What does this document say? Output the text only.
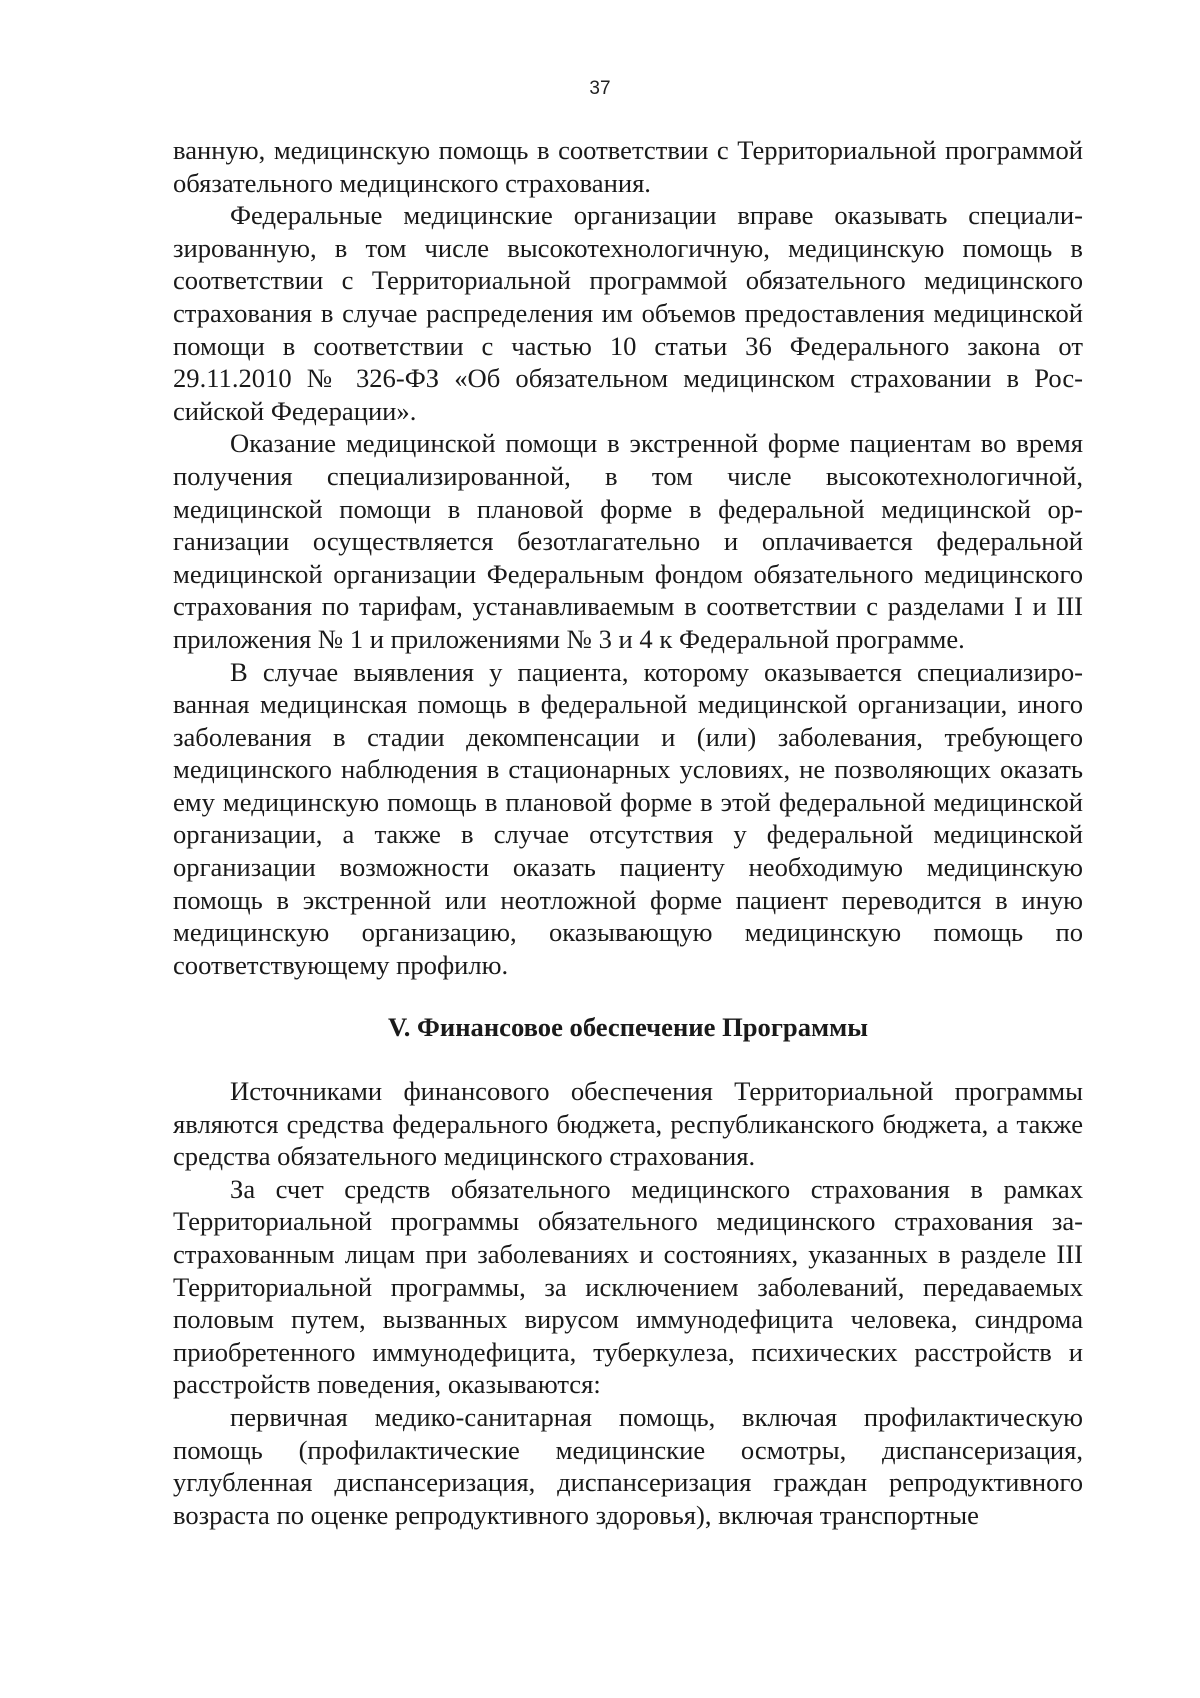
37

ванную, медицинскую помощь в соответствии с Территориальной программой обязательного медицинского страхования.

Федеральные медицинские организации вправе оказывать специализированную, в том числе высокотехнологичную, медицинскую помощь в соответствии с Территориальной программой обязательного медицинского страхования в случае распределения им объемов предоставления медицинской помощи в соответствии с частью 10 статьи 36 Федерального закона от 29.11.2010 № 326-ФЗ «Об обязательном медицинском страховании в Российской Федерации».

Оказание медицинской помощи в экстренной форме пациентам во время получения специализированной, в том числе высокотехнологичной, медицинской помощи в плановой форме в федеральной медицинской организации осуществляется безотлагательно и оплачивается федеральной медицинской организации Федеральным фондом обязательного медицинского страхования по тарифам, устанавливаемым в соответствии с разделами I и III приложения № 1 и приложениями № 3 и 4 к Федеральной программе.

В случае выявления у пациента, которому оказывается специализированная медицинская помощь в федеральной медицинской организации, иного заболевания в стадии декомпенсации и (или) заболевания, требующего медицинского наблюдения в стационарных условиях, не позволяющих оказать ему медицинскую помощь в плановой форме в этой федеральной медицинской организации, а также в случае отсутствия у федеральной медицинской организации возможности оказать пациенту необходимую медицинскую помощь в экстренной или неотложной форме пациент переводится в иную медицинскую организацию, оказывающую медицинскую помощь по соответствующему профилю.

V. Финансовое обеспечение Программы

Источниками финансового обеспечения Территориальной программы являются средства федерального бюджета, республиканского бюджета, а также средства обязательного медицинского страхования.

За счет средств обязательного медицинского страхования в рамках Территориальной программы обязательного медицинского страхования застрахованным лицам при заболеваниях и состояниях, указанных в разделе III Территориальной программы, за исключением заболеваний, передаваемых половым путем, вызванных вирусом иммунодефицита человека, синдрома приобретенного иммунодефицита, туберкулеза, психических расстройств и расстройств поведения, оказываются:

первичная медико-санитарная помощь, включая профилактическую помощь (профилактические медицинские осмотры, диспансеризация, углубленная диспансеризация, диспансеризация граждан репродуктивного возраста по оценке репродуктивного здоровья), включая транспортные
